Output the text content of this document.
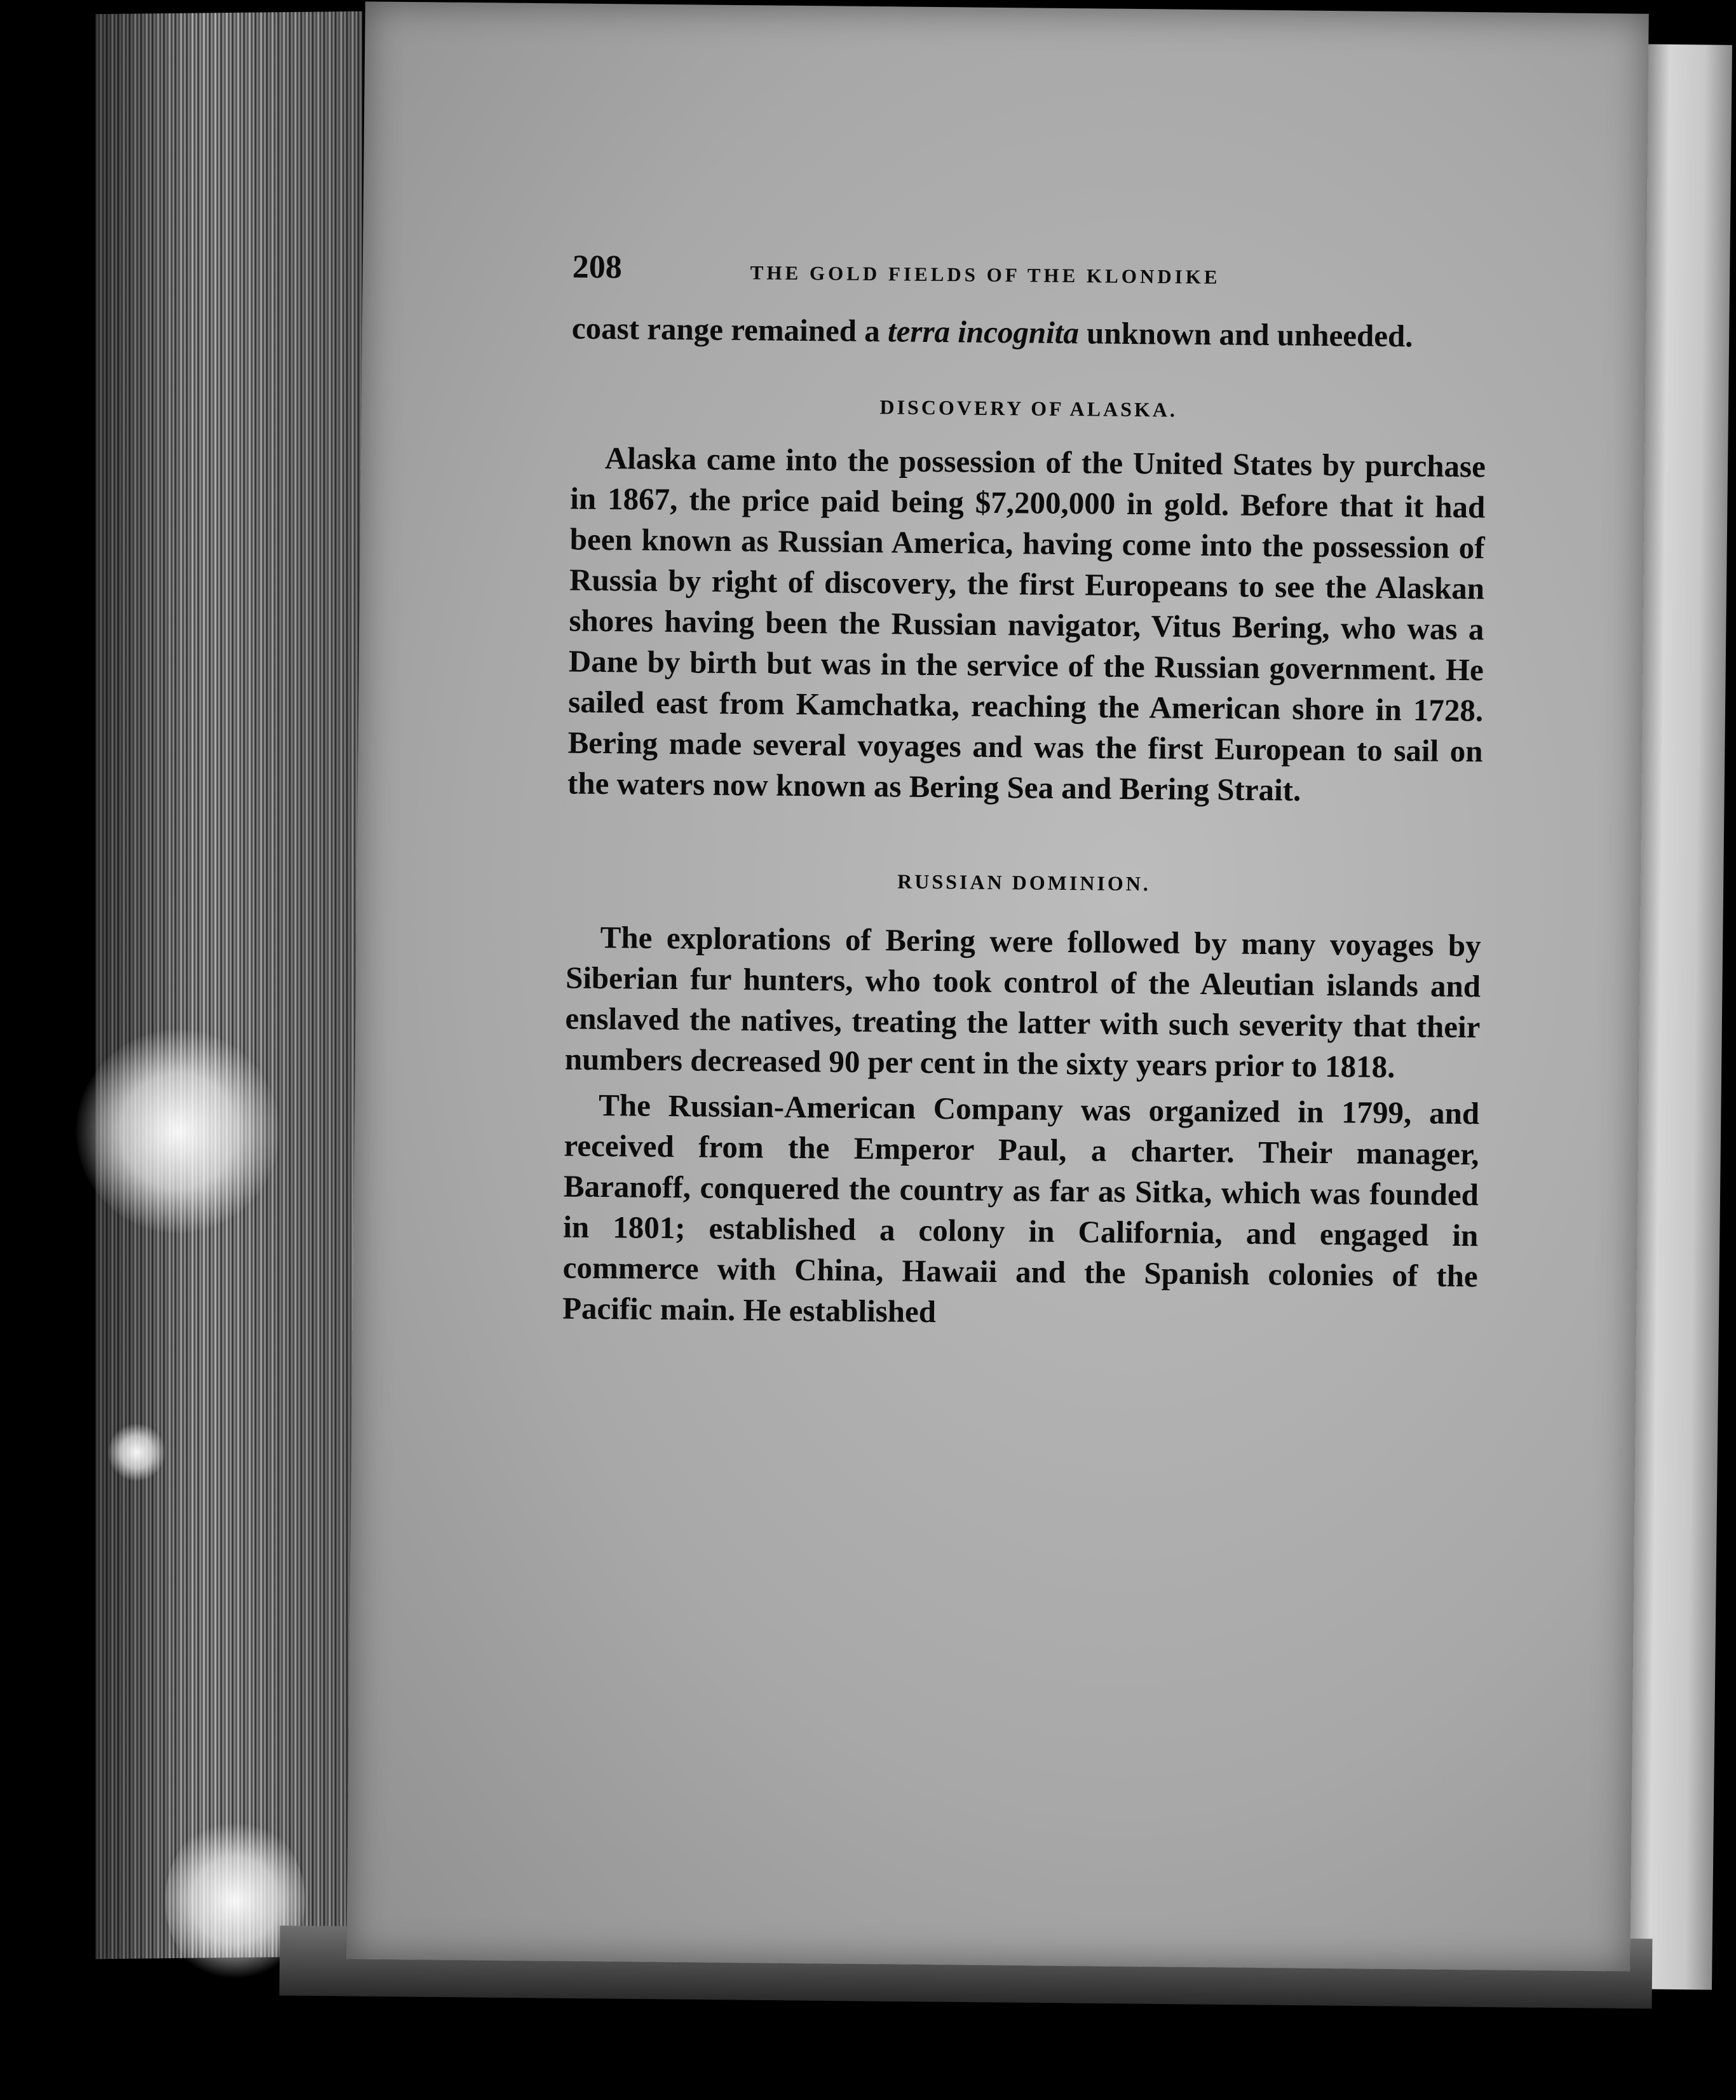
208	THE GOLD FIELDS OF THE KLONDIKE

coast range remained a terra incognita unknown and unheeded.

DISCOVERY OF ALASKA.

Alaska came into the possession of the United States by purchase in 1867, the price paid being $7,200,000 in gold. Before that it had been known as Russian America, having come into the possession of Russia by right of discovery, the first Europeans to see the Alaskan shores having been the Russian navigator, Vitus Bering, who was a Dane by birth but was in the service of the Russian government. He sailed east from Kamchatka, reaching the American shore in 1728. Bering made several voyages and was the first European to sail on the waters now known as Bering Sea and Bering Strait.

RUSSIAN DOMINION.

The explorations of Bering were followed by many voyages by Siberian fur hunters, who took control of the Aleutian islands and enslaved the natives, treating the latter with such severity that their numbers decreased 90 per cent in the sixty years prior to 1818.

The Russian-American Company was organized in 1799, and received from the Emperor Paul, a charter. Their manager, Baranoff, conquered the country as far as Sitka, which was founded in 1801; established a colony in California, and engaged in commerce with China, Hawaii and the Spanish colonies of the Pacific main. He established
